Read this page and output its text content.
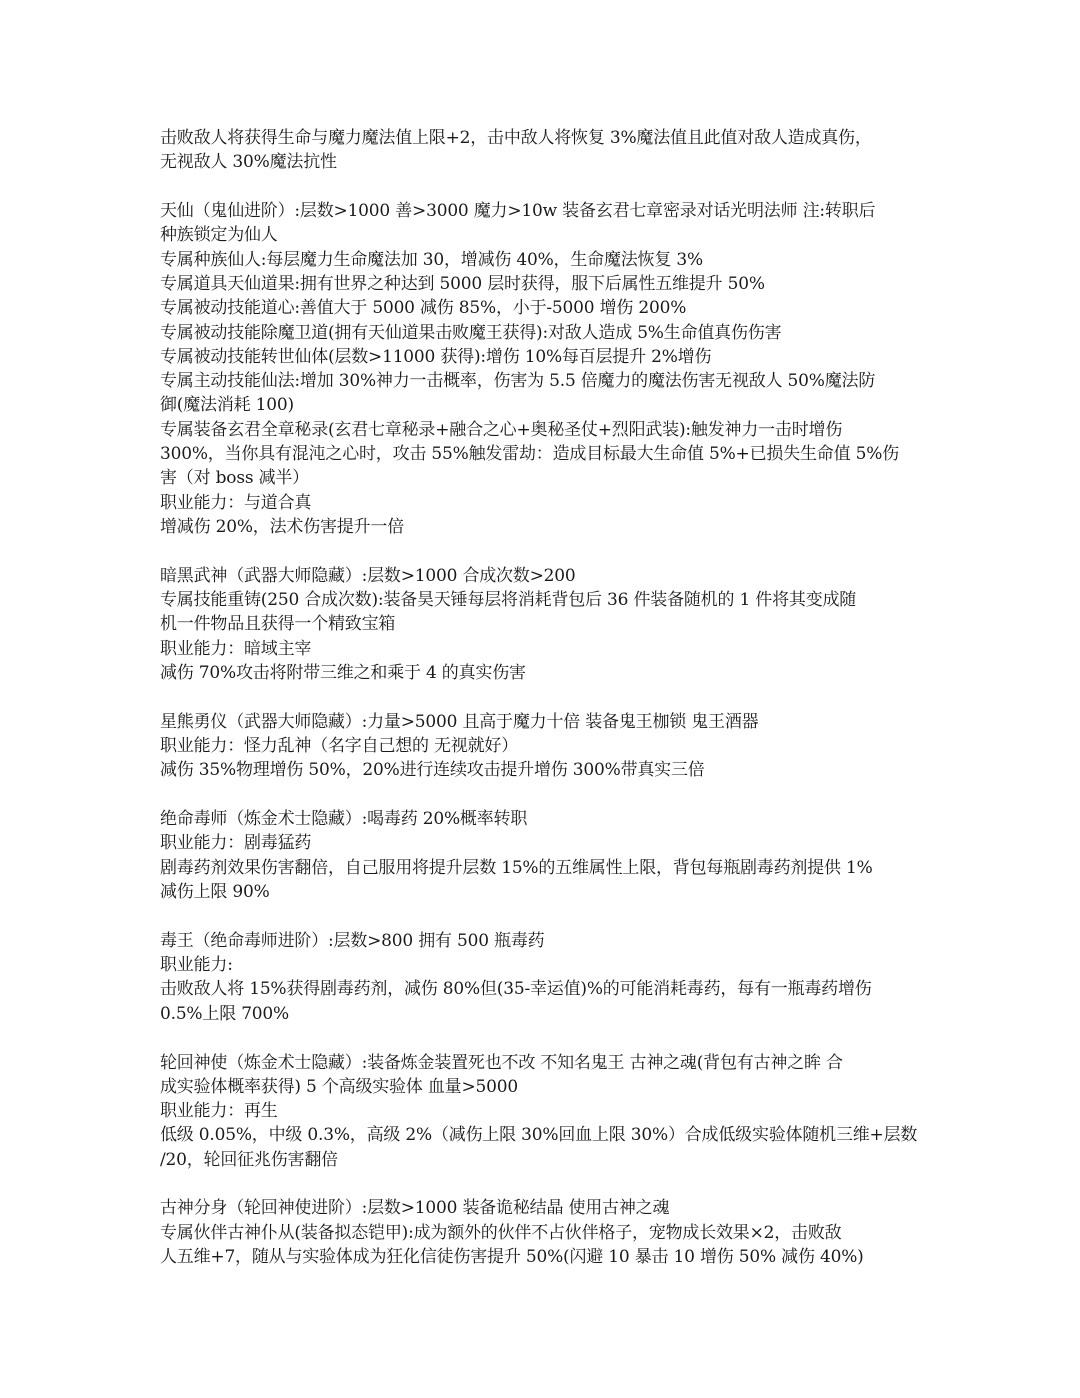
击败敌人将获得生命与魔力魔法值上限+2，击中敌人将恢复 3%魔法值且此值对敌人造成真伤，
无视敌人 30%魔法抗性
天仙（鬼仙进阶）:层数>1000 善>3000 魔力>10w 装备玄君七章密录对话光明法师 注:转职后
种族锁定为仙人
专属种族仙人:每层魔力生命魔法加 30，增减伤 40%，生命魔法恢复 3%
专属道具天仙道果:拥有世界之种达到 5000 层时获得，服下后属性五维提升 50%
专属被动技能道心:善值大于 5000 减伤 85%，小于-5000 增伤 200%
专属被动技能除魔卫道(拥有天仙道果击败魔王获得):对敌人造成 5%生命值真伤伤害
专属被动技能转世仙体(层数>11000 获得):增伤 10%每百层提升 2%增伤
专属主动技能仙法:增加 30%神力一击概率，伤害为 5.5 倍魔力的魔法伤害无视敌人 50%魔法防
御(魔法消耗 100)
专属装备玄君全章秘录(玄君七章秘录+融合之心+奥秘圣仗+烈阳武装):触发神力一击时增伤
300%，当你具有混沌之心时，攻击 55%触发雷劫：造成目标最大生命值 5%+已损失生命值 5%伤
害（对 boss 减半）
职业能力：与道合真
增减伤 20%，法术伤害提升一倍
暗黑武神（武器大师隐藏）:层数>1000 合成次数>200
专属技能重铸(250 合成次数):装备昊天锤每层将消耗背包后 36 件装备随机的 1 件将其变成随
机一件物品且获得一个精致宝箱
职业能力：暗域主宰
减伤 70%攻击将附带三维之和乘于 4 的真实伤害
星熊勇仪（武器大师隐藏）:力量>5000 且高于魔力十倍 装备鬼王枷锁 鬼王酒器
职业能力：怪力乱神（名字自己想的 无视就好）
减伤 35%物理增伤 50%，20%进行连续攻击提升增伤 300%带真实三倍
绝命毒师（炼金术士隐藏）:喝毒药 20%概率转职
职业能力：剧毒猛药
剧毒药剂效果伤害翻倍，自己服用将提升层数 15%的五维属性上限，背包每瓶剧毒药剂提供 1%
减伤上限 90%
毒王（绝命毒师进阶）:层数>800 拥有 500 瓶毒药
职业能力:
击败敌人将 15%获得剧毒药剂，减伤 80%但(35-幸运值)%的可能消耗毒药，每有一瓶毒药增伤
0.5%上限 700%
轮回神使（炼金术士隐藏）:装备炼金装置死也不改 不知名鬼王 古神之魂(背包有古神之眸 合
成实验体概率获得) 5 个高级实验体 血量>5000
职业能力：再生
低级 0.05%，中级 0.3%，高级 2%（减伤上限 30%回血上限 30%）合成低级实验体随机三维+层数
/20，轮回征兆伤害翻倍
古神分身（轮回神使进阶）:层数>1000 装备诡秘结晶 使用古神之魂
专属伙伴古神仆从(装备拟态铠甲):成为额外的伙伴不占伙伴格子，宠物成长效果×2，击败敌
人五维+7，随从与实验体成为狂化信徒伤害提升 50%(闪避 10 暴击 10 增伤 50% 减伤 40%)
